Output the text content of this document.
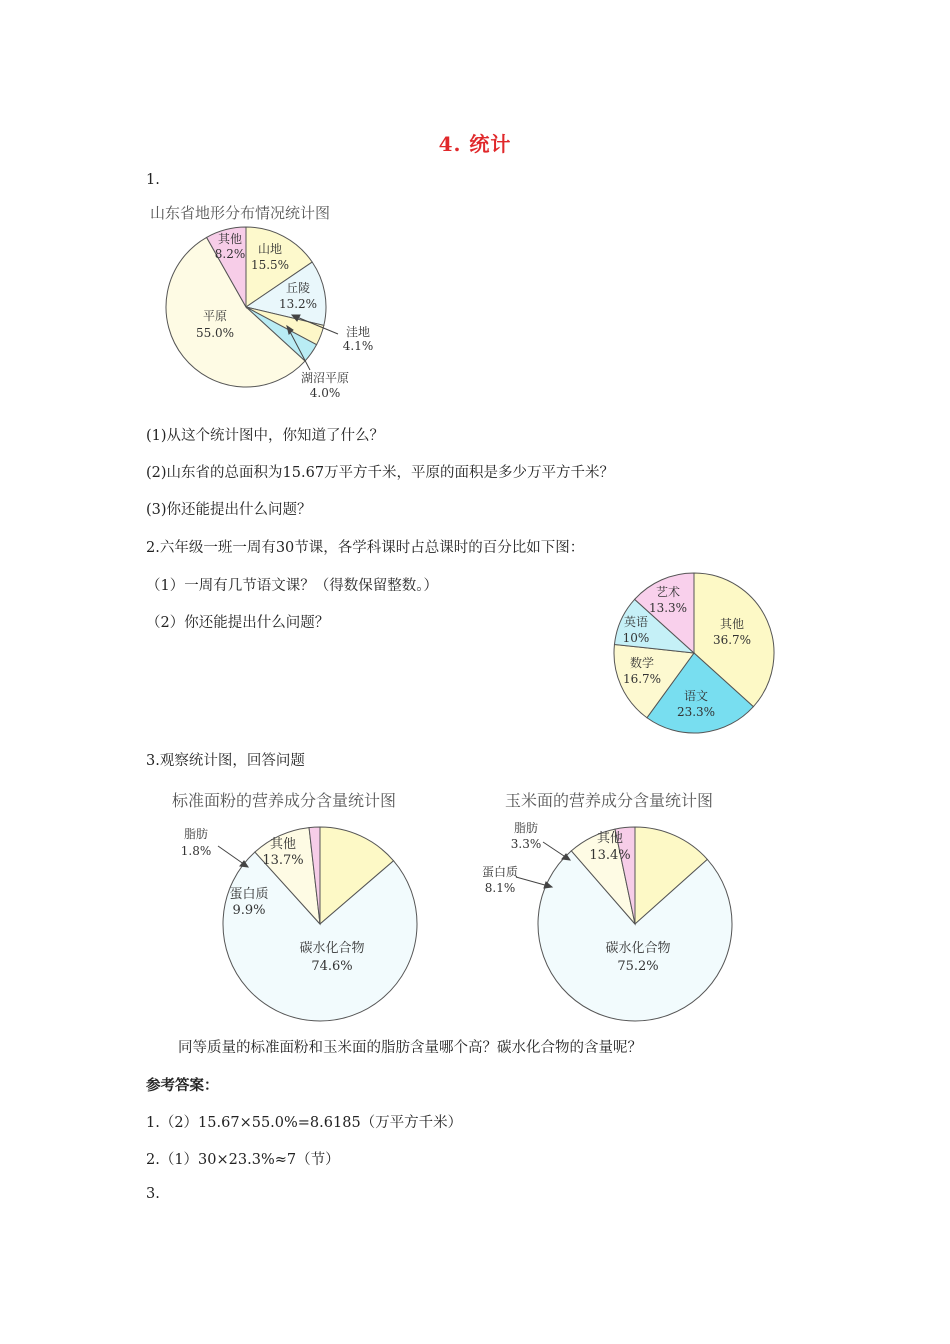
4. 统计
1.
山东省地形分布情况统计图
山地
15.5%
丘陵
13.2%
洼地
4.1%
湖沼平原
4.0%
平原
55.0%
其他
8.2%
(1)从这个统计图中，你知道了什么？
(2)山东省的总面积为15.67万平方千米，平原的面积是多少万平方千米？
(3)你还能提出什么问题？
2.六年级一班一周有30节课，各学科课时占总课时的百分比如下图：
（1）一周有几节语文课？（得数保留整数。）
（2）你还能提出什么问题？	其他
36.7%
语文
23.3%
数学
16.7%
英语
10%
艺术
13.3%
3.观察统计图，回答问题
标准面粉的营养成分含量统计图
其他
13.7%
碳水化合物
74.6%
蛋白质
9.9%
脂肪
1.8%
玉米面的营养成分含量统计图
其他
13.4%
碳水化合物
75.2%
蛋白质
8.1%
脂肪
3.3%
同等质量的标准面粉和玉米面的脂肪含量哪个高？碳水化合物的含量呢？
参考答案：
1.（2）15.67×55.0%=8.6185（万平方千米）
2.（1）30×23.3%≈7（节）
3.
